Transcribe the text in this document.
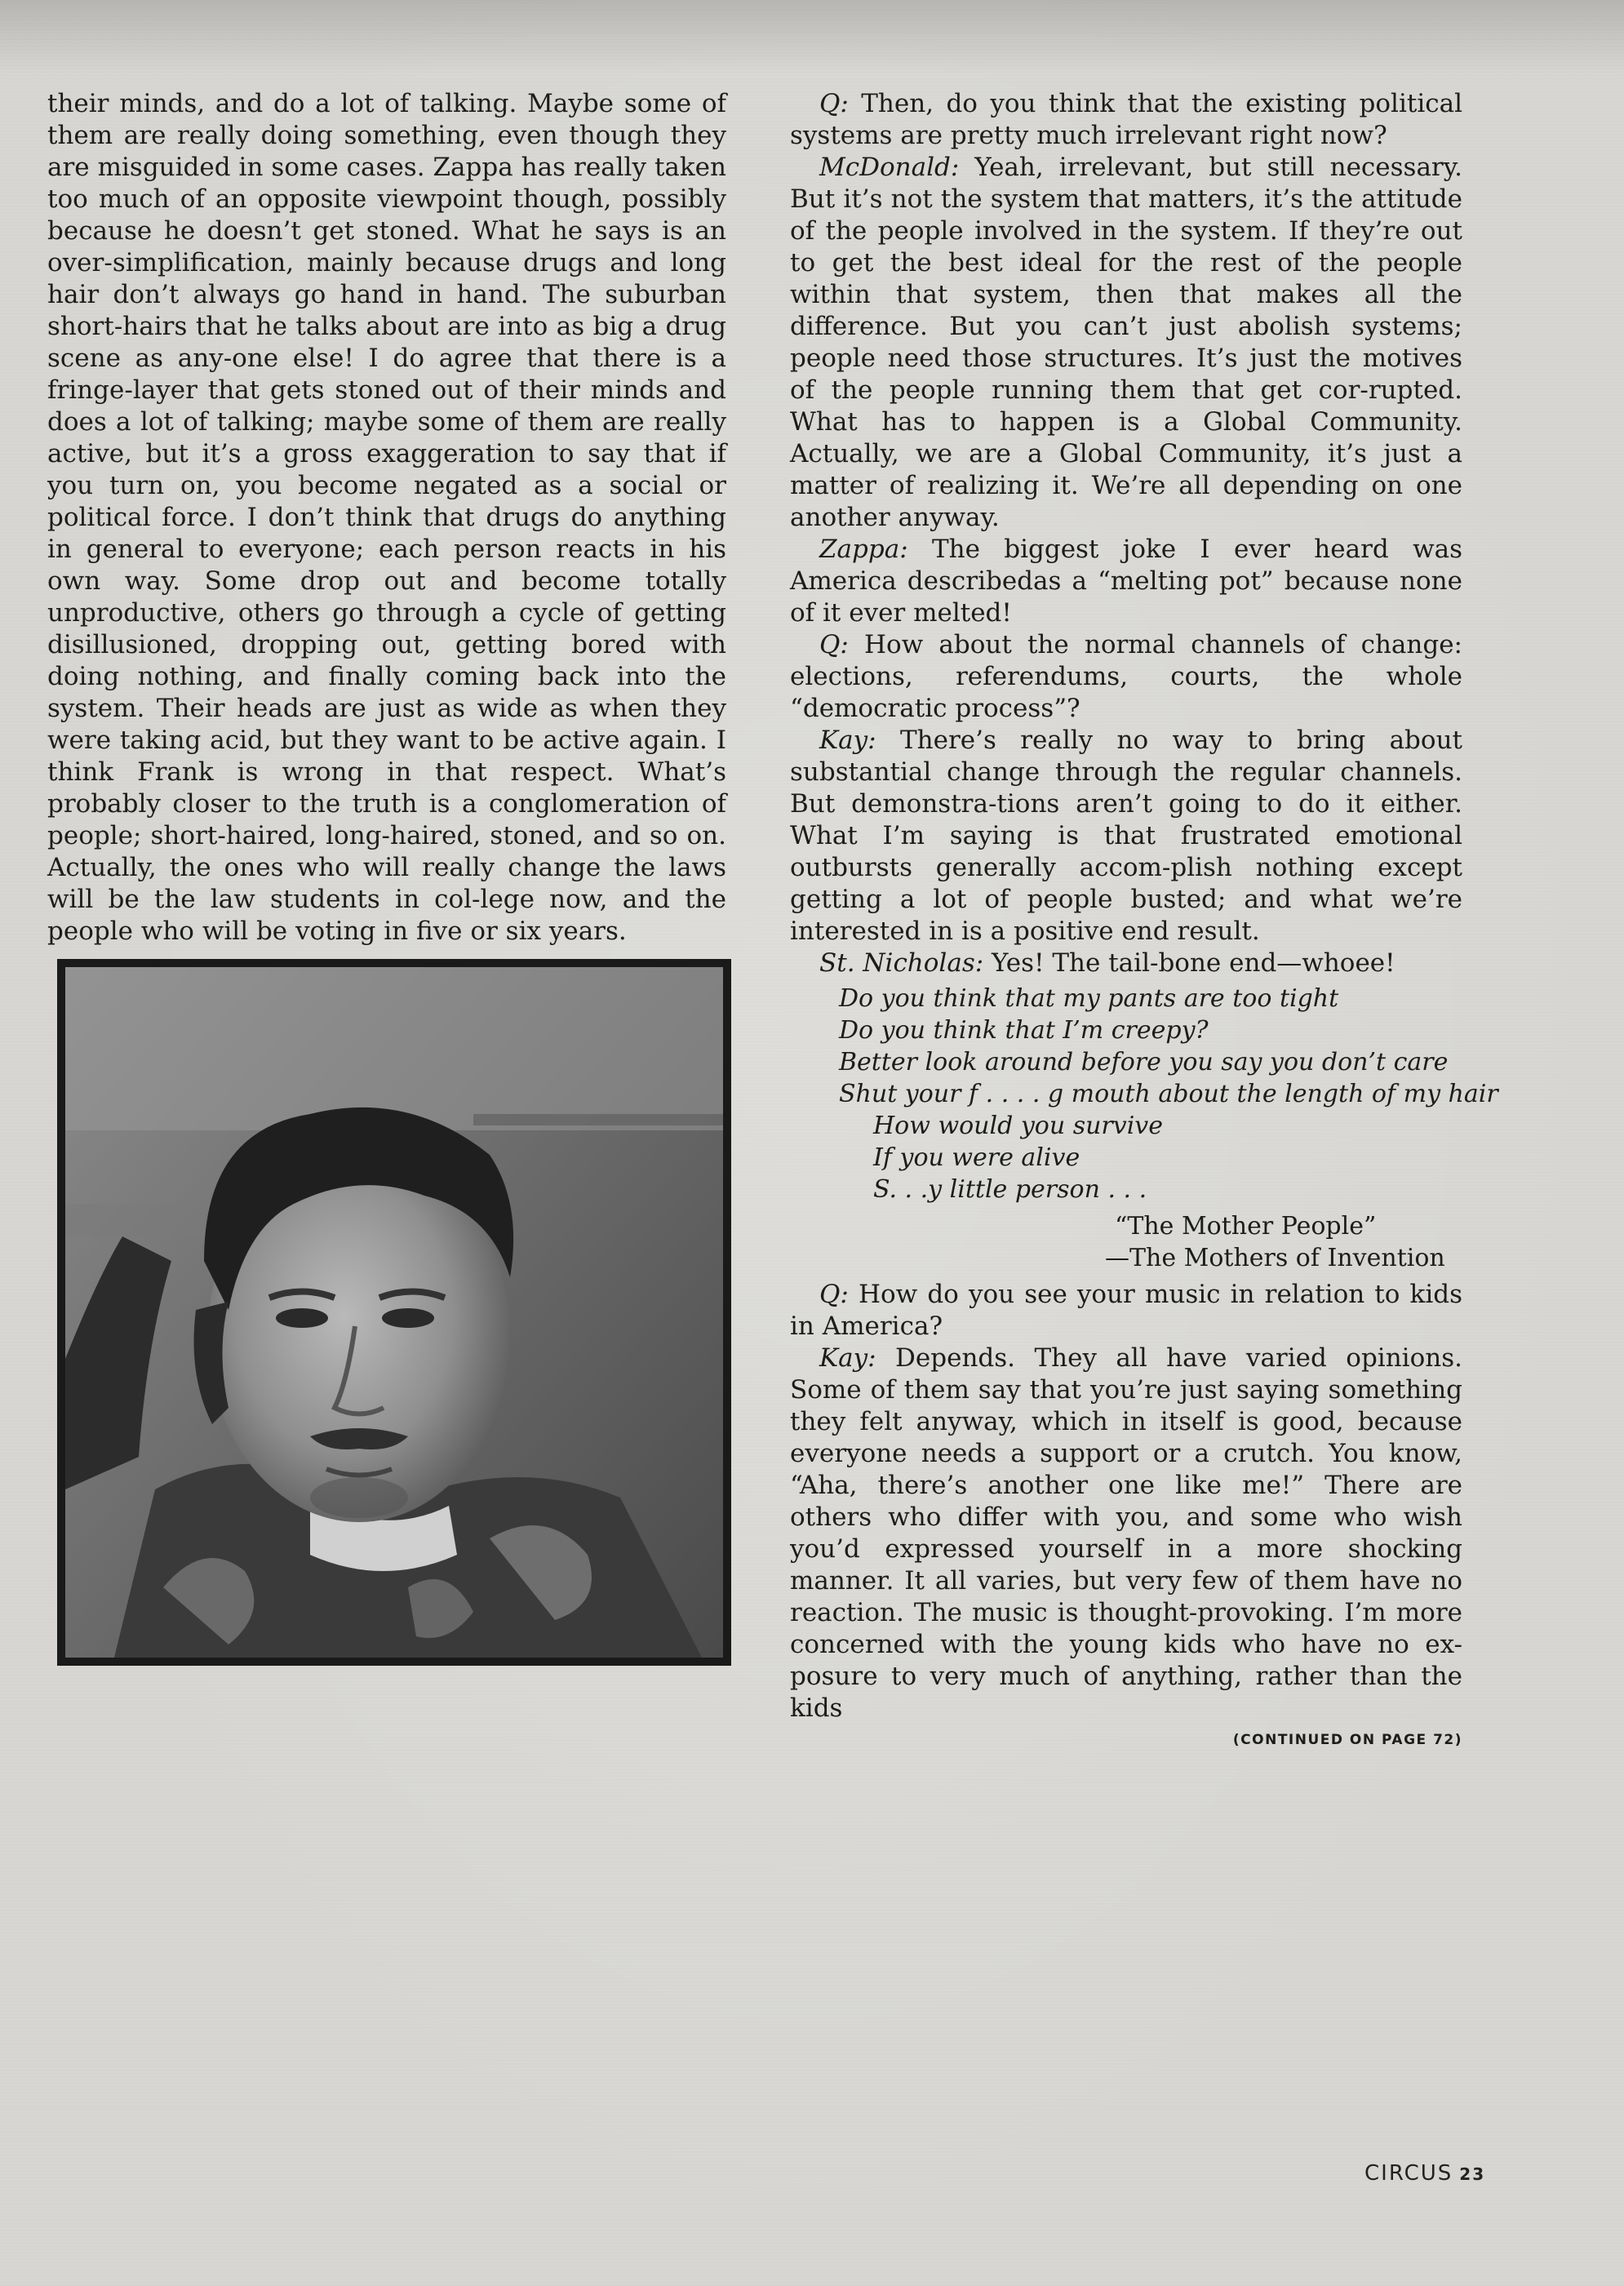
their minds, and do a lot of talking. Maybe some of them are really doing something, even though they are misguided in some cases. Zappa has really taken too much of an opposite viewpoint though, possibly because he doesn’t get stoned. What he says is an over-simplification, mainly because drugs and long hair don’t always go hand in hand. The suburban short-hairs that he talks about are into as big a drug scene as any-one else! I do agree that there is a fringe-layer that gets stoned out of their minds and does a lot of talking; maybe some of them are really active, but it’s a gross exaggeration to say that if you turn on, you become negated as a social or political force. I don’t think that drugs do anything in general to everyone; each person reacts in his own way. Some drop out and become totally unproductive, others go through a cycle of getting disillusioned, dropping out, getting bored with doing nothing, and finally coming back into the system. Their heads are just as wide as when they were taking acid, but they want to be active again. I think Frank is wrong in that respect. What’s probably closer to the truth is a conglomeration of people; short-haired, long-haired, stoned, and so on. Actually, the ones who will really change the laws will be the law students in col-lege now, and the people who will be voting in five or six years.

Q: Then, do you think that the existing political systems are pretty much irrelevant right now?

McDonald: Yeah, irrelevant, but still necessary. But it’s not the system that matters, it’s the attitude of the people involved in the system. If they’re out to get the best ideal for the rest of the people within that system, then that makes all the difference. But you can’t just abolish systems; people need those structures. It’s just the motives of the people running them that get cor-rupted. What has to happen is a Global Community. Actually, we are a Global Community, it’s just a matter of realizing it. We’re all depending on one another anyway.

Zappa: The biggest joke I ever heard was America describedas a “melting pot” because none of it ever melted!

Q: How about the normal channels of change: elections, referendums, courts, the whole “democratic process”?

Kay: There’s really no way to bring about substantial change through the regular channels. But demonstra-tions aren’t going to do it either. What I’m saying is that frustrated emotional outbursts generally accom-plish nothing except getting a lot of people busted; and what we’re interested in is a positive end result.

St. Nicholas: Yes! The tail-bone end—whoee!

Do you think that my pants are too tight
Do you think that I’m creepy?
Better look around before you say you don’t care
Shut your f . . . . g mouth about the length of my hair
How would you survive
If you were alive
S. . .y little person . . .
“The Mother People”
—The Mothers of Invention

Q: How do you see your music in relation to kids in America?

Kay: Depends. They all have varied opinions. Some of them say that you’re just saying something they felt anyway, which in itself is good, because everyone needs a support or a crutch. You know, “Aha, there’s another one like me!” There are others who differ with you, and some who wish you’d expressed yourself in a more shocking manner. It all varies, but very few of them have no reaction. The music is thought-provoking. I’m more concerned with the young kids who have no ex-posure to very much of anything, rather than the kids

(CONTINUED ON PAGE 72)
CIRCUS 23
